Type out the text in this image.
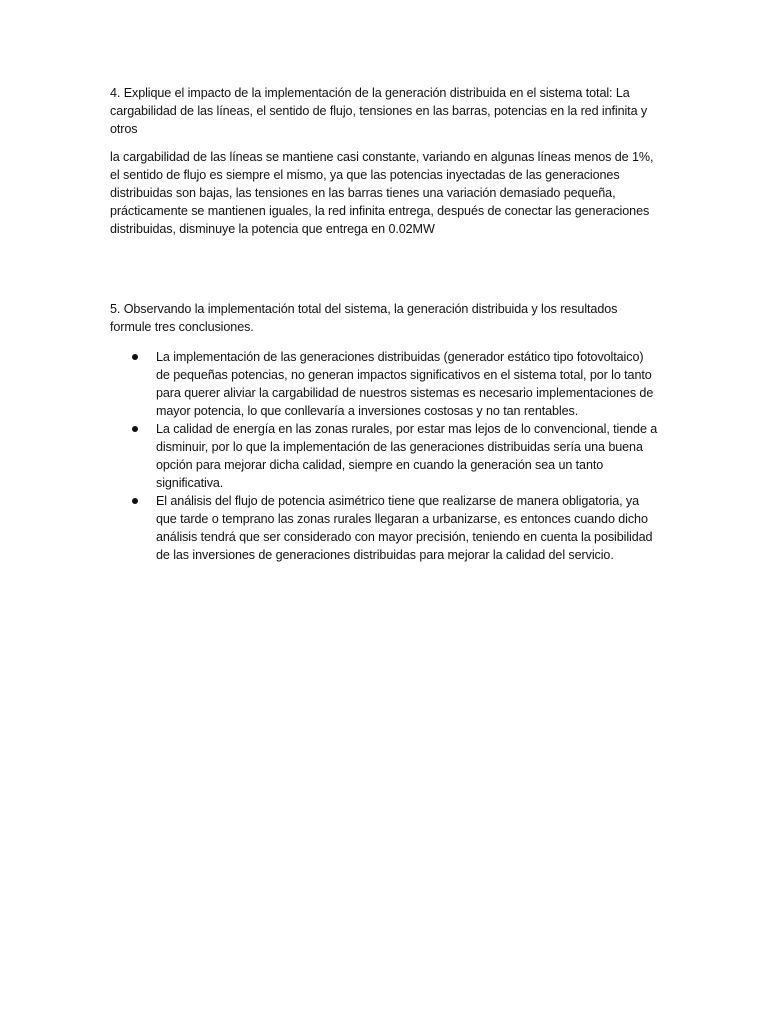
4. Explique el impacto de la implementación de la generación distribuida en el sistema total: La cargabilidad de las líneas, el sentido de flujo, tensiones en las barras, potencias en la red infinita y otros

la cargabilidad de las líneas se mantiene casi constante, variando en algunas líneas menos de 1%, el sentido de flujo es siempre el mismo, ya que las potencias inyectadas de las generaciones distribuidas son bajas, las tensiones en las barras tienes una variación demasiado pequeña, prácticamente se mantienen iguales, la red infinita entrega, después de conectar las generaciones distribuidas, disminuye la potencia que entrega en 0.02MW

5. Observando la implementación total del sistema, la generación distribuida y los resultados formule tres conclusiones.

La implementación de las generaciones distribuidas (generador estático tipo fotovoltaico) de pequeñas potencias, no generan impactos significativos en el sistema total, por lo tanto para querer aliviar la cargabilidad de nuestros sistemas es necesario implementaciones de mayor potencia, lo que conllevaría a inversiones costosas y no tan rentables.
La calidad de energía en las zonas rurales, por estar mas lejos de lo convencional, tiende a disminuir, por lo que la implementación de las generaciones distribuidas sería una buena opción para mejorar dicha calidad, siempre en cuando la generación sea un tanto significativa.
El análisis del flujo de potencia asimétrico tiene que realizarse de manera obligatoria, ya que tarde o temprano las zonas rurales llegaran a urbanizarse, es entonces cuando dicho análisis tendrá que ser considerado con mayor precisión, teniendo en cuenta la posibilidad de las inversiones de generaciones distribuidas para mejorar la calidad del servicio.
